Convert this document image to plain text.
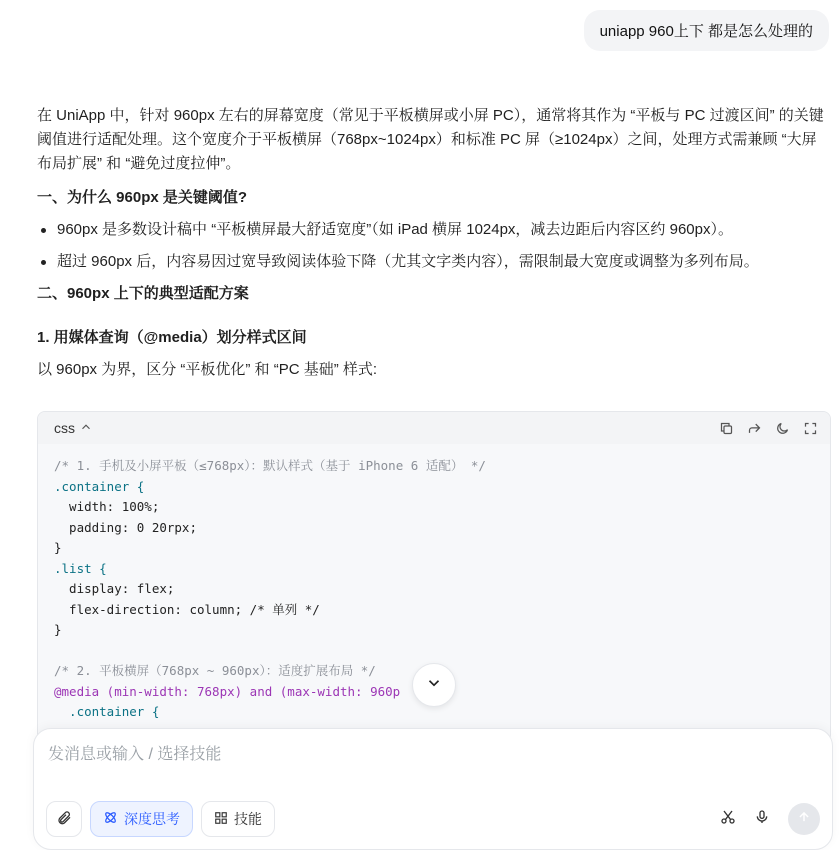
uniapp 960上下 都是怎么处理的

在 UniApp 中，针对 960px 左右的屏幕宽度（常见于平板横屏或小屏 PC），通常将其作为 “平板与 PC 过渡区间” 的关键阈值进行适配处理。这个宽度介于平板横屏（768px~1024px）和标准 PC 屏（≥1024px）之间，处理方式需兼顾 “大屏布局扩展” 和 “避免过度拉伸”。

一、为什么 960px 是关键阈值?

960px 是多数设计稿中 “平板横屏最大舒适宽度”（如 iPad 横屏 1024px，减去边距后内容区约 960px）。
超过 960px 后，内容易因过宽导致阅读体验下降（尤其文字类内容），需限制最大宽度或调整为多列布局。

二、960px 上下的典型适配方案

1. 用媒体查询（@media）划分样式区间

以 960px 为界，区分 “平板优化” 和 “PC 基础” 样式:

css
/* 1. 手机及小屏平板（≤768px）：默认样式（基于 iPhone 6 适配） */
.container {
width: 100%;
padding: 0 20rpx;
}
.list {
display: flex;
flex-direction: column; /* 单列 */
}

/* 2. 平板横屏（768px ~ 960px）：适度扩展布局 */
@media (min-width: 768px) and (max-width: 960p
.container {
发消息或输入 / 选择技能
深度思考	技能
